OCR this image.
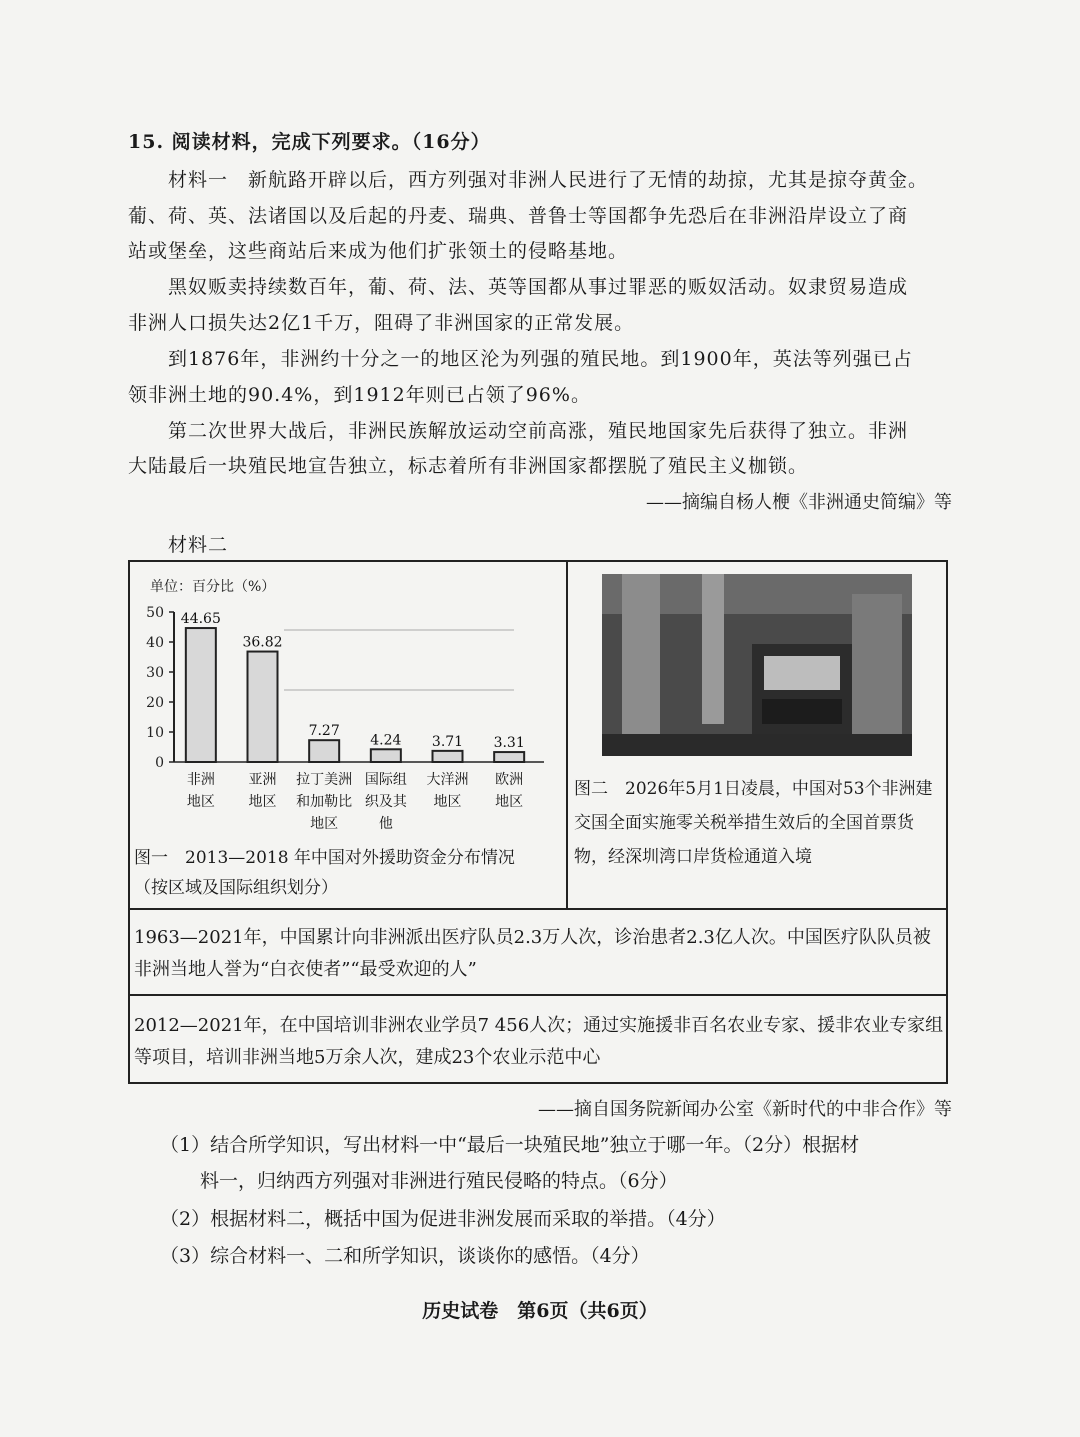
15. 阅读材料，完成下列要求。（16分）
材料一　新航路开辟以后，西方列强对非洲人民进行了无情的劫掠，尤其是掠夺黄金。
葡、荷、英、法诸国以及后起的丹麦、瑞典、普鲁士等国都争先恐后在非洲沿岸设立了商
站或堡垒，这些商站后来成为他们扩张领土的侵略基地。
黑奴贩卖持续数百年，葡、荷、法、英等国都从事过罪恶的贩奴活动。奴隶贸易造成
非洲人口损失达2亿1千万，阻碍了非洲国家的正常发展。
到1876年，非洲约十分之一的地区沦为列强的殖民地。到1900年，英法等列强已占
领非洲土地的90.4%，到1912年则已占领了96%。
第二次世界大战后，非洲民族解放运动空前高涨，殖民地国家先后获得了独立。非洲
大陆最后一块殖民地宣告独立，标志着所有非洲国家都摆脱了殖民主义枷锁。
——摘编自杨人楩《非洲通史简编》等
材料二
单位：百分比（%）
0
10
20
30
40
50 44.65
非洲
地区
36.82
亚洲
地区
7.27
拉丁美洲
和加勒比
地区
4.24
国际组
织及其
他
3.71
大洋洲
地区
3.31
欧洲
地区
图一　2013—2018 年中国对外援助资金分布情况
（按区域及国际组织划分）
图二　2026年5月1日凌晨，中国对53个非洲建交国全面实施零关税举措生效后的全国首票货物，经深圳湾口岸货检通道入境
1963—2021年，中国累计向非洲派出医疗队员2.3万人次，诊治患者2.3亿人次。中国医疗队队员被非洲当地人誉为“白衣使者”“最受欢迎的人”
2012—2021年，在中国培训非洲农业学员7 456人次；通过实施援非百名农业专家、援非农业专家组等项目，培训非洲当地5万余人次，建成23个农业示范中心
——摘自国务院新闻办公室《新时代的中非合作》等
（1）结合所学知识，写出材料一中“最后一块殖民地”独立于哪一年。（2分）根据材
料一，归纳西方列强对非洲进行殖民侵略的特点。（6分）
（2）根据材料二，概括中国为促进非洲发展而采取的举措。（4分）
（3）综合材料一、二和所学知识，谈谈你的感悟。（4分）
历史试卷　第6页（共6页）
